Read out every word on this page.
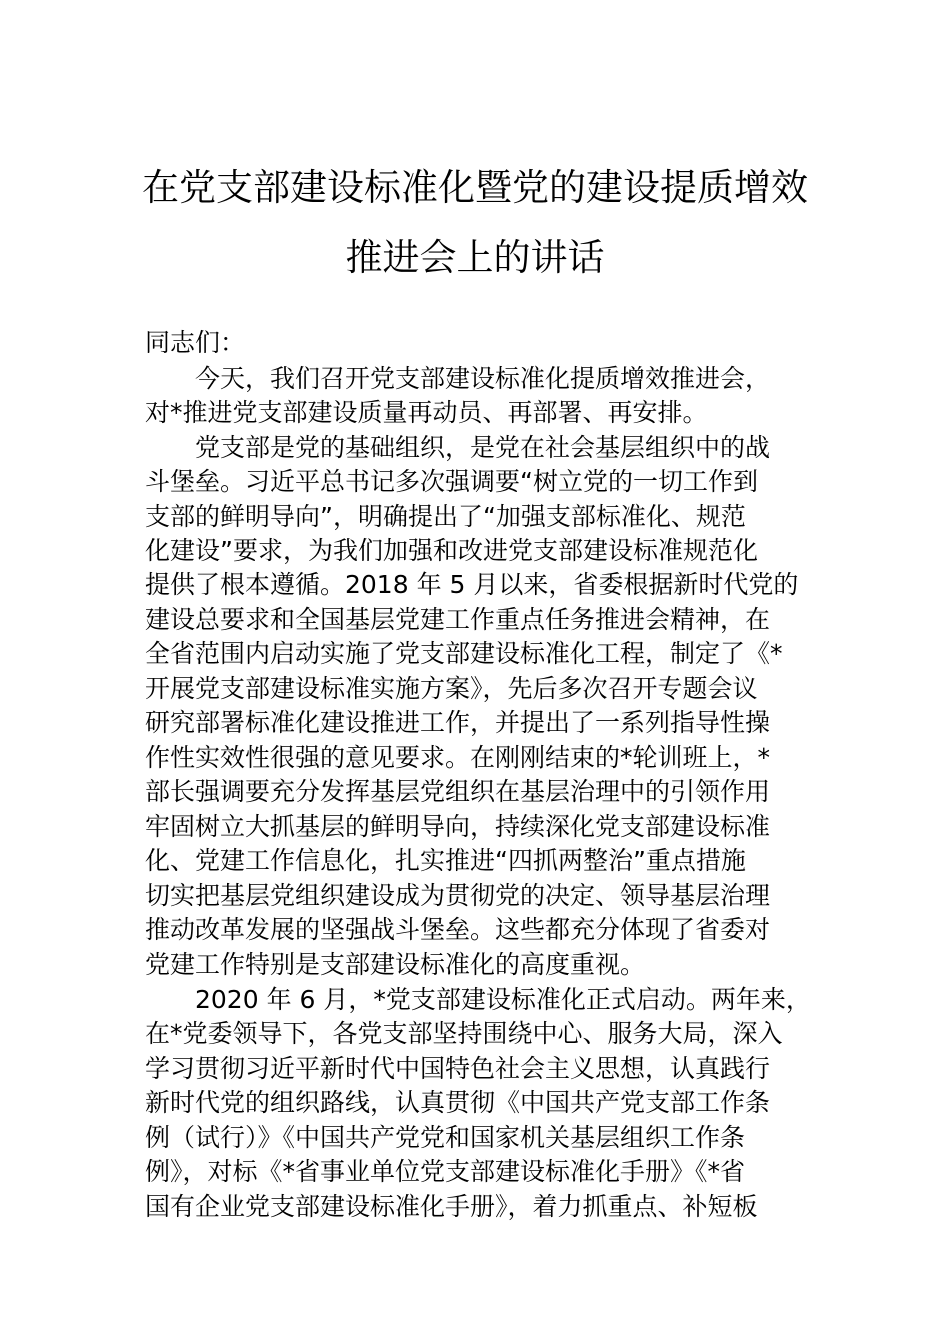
在党支部建设标准化暨党的建设提质增效
推进会上的讲话
同志们：
今天，我们召开党支部建设标准化提质增效推进会，
对*推进党支部建设质量再动员、再部署、再安排。
党支部是党的基础组织，是党在社会基层组织中的战
斗堡垒。习近平总书记多次强调要“树立党的一切工作到
支部的鲜明导向”，明确提出了“加强支部标准化、规范
化建设”要求，为我们加强和改进党支部建设标准规范化
提供了根本遵循。2018 年 5 月以来，省委根据新时代党的
建设总要求和全国基层党建工作重点任务推进会精神，在
全省范围内启动实施了党支部建设标准化工程，制定了《*
开展党支部建设标准实施方案》，先后多次召开专题会议
研究部署标准化建设推进工作，并提出了一系列指导性操
作性实效性很强的意见要求。在刚刚结束的*轮训班上，*
部长强调要充分发挥基层党组织在基层治理中的引领作用
牢固树立大抓基层的鲜明导向，持续深化党支部建设标准
化、党建工作信息化，扎实推进“四抓两整治”重点措施
切实把基层党组织建设成为贯彻党的决定、领导基层治理
推动改革发展的坚强战斗堡垒。这些都充分体现了省委对
党建工作特别是支部建设标准化的高度重视。
2020 年 6 月，*党支部建设标准化正式启动。两年来，
在*党委领导下，各党支部坚持围绕中心、服务大局，深入
学习贯彻习近平新时代中国特色社会主义思想，认真践行
新时代党的组织路线，认真贯彻《中国共产党支部工作条
例（试行）》《中国共产党党和国家机关基层组织工作条
例》，对标《*省事业单位党支部建设标准化手册》《*省
国有企业党支部建设标准化手册》，着力抓重点、补短板
